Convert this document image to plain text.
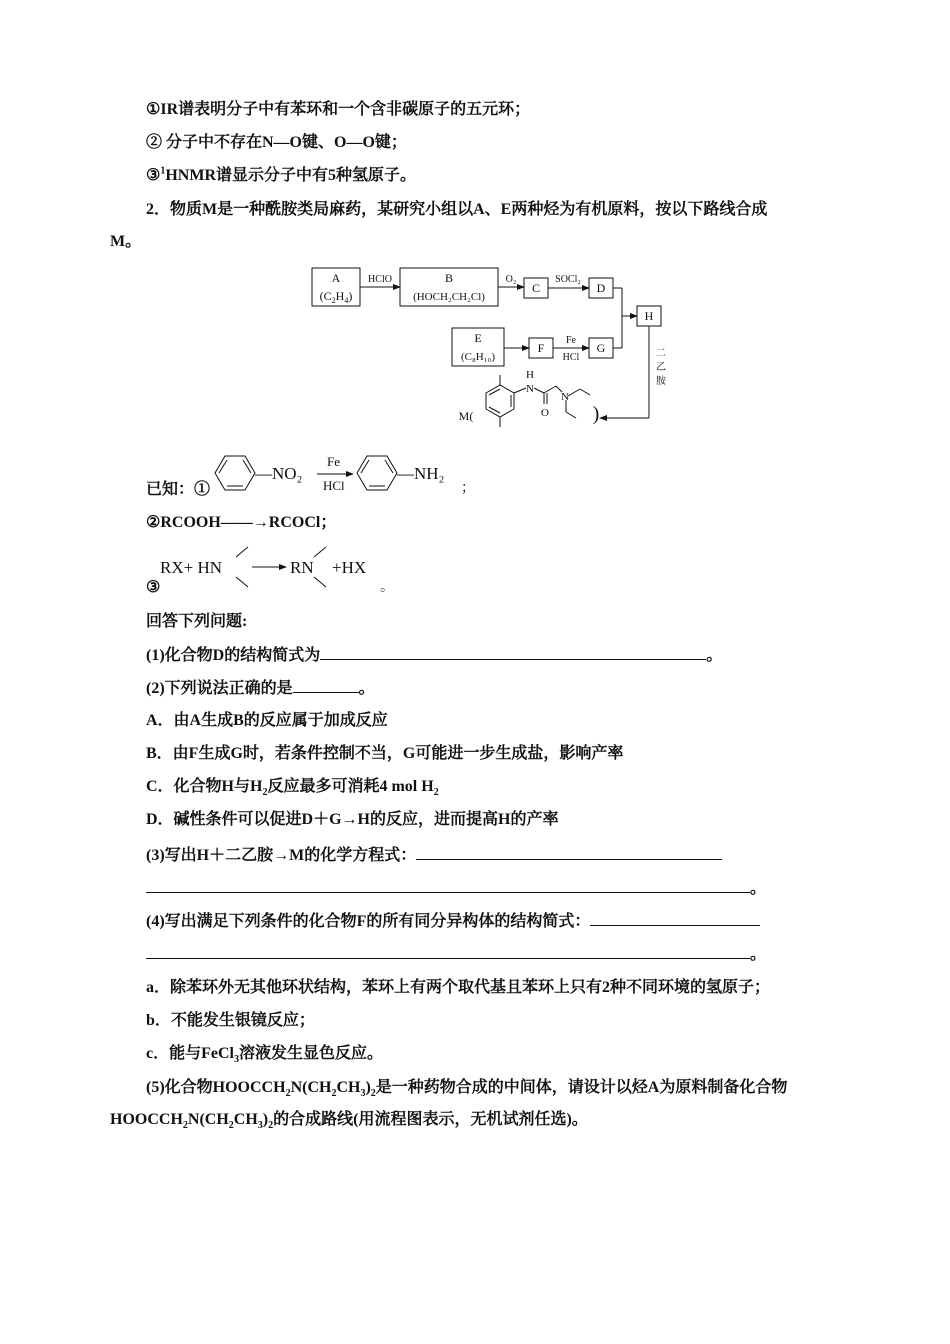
①IR谱表明分子中有苯环和一个含非碳原子的五元环；
② 分子中不存在N—O键、O—O键；
③$^1$HNMR谱显示分子中有5种氢原子。
2．物质M是一种酰胺类局麻药，某研究小组以A、E两种烃为有机原料，按以下路线合成
M。
A
$(C_2H_4)$
HClO	B
(HOCH₂CH₂Cl)
O₂
C
SOCl₂
D
H
E
(C₈H₁₀)
F
Fe
HCl
G	二
乙
胺
M(	)
H
N
O
N
已知：①
—NO₂
Fe
HCl
—NH₂
；
②RCOOH——→RCOCl；
③
RX+ HN	RN +HX
。
回答下列问题:
(1)化合物D的结构简式为	。
(2)下列说法正确的是	。
A．由A生成B的反应属于加成反应
B．由F生成G时，若条件控制不当，G可能进一步生成盐，影响产率
C．化合物H与$H_2$反应最多可消耗4 mol $H_2$
D．碱性条件可以促进D＋G→H的反应，进而提高H的产率
(3)写出H＋二乙胺→M的化学方程式：
。
(4)写出满足下列条件的化合物F的所有同分异构体的结构简式：
。
a．除苯环外无其他环状结构，苯环上有两个取代基且苯环上只有2种不同环境的氢原子；
b．不能发生银镜反应；
c．能与FeCl$_3$溶液发生显色反应。
(5)化合物$HOOCCH_2N(CH_2CH_3)_2$是一种药物合成的中间体，请设计以烃A为原料制备化合物
$HOOCCH_2N(CH_2CH_3)_2$的合成路线(用流程图表示，无机试剂任选)。
